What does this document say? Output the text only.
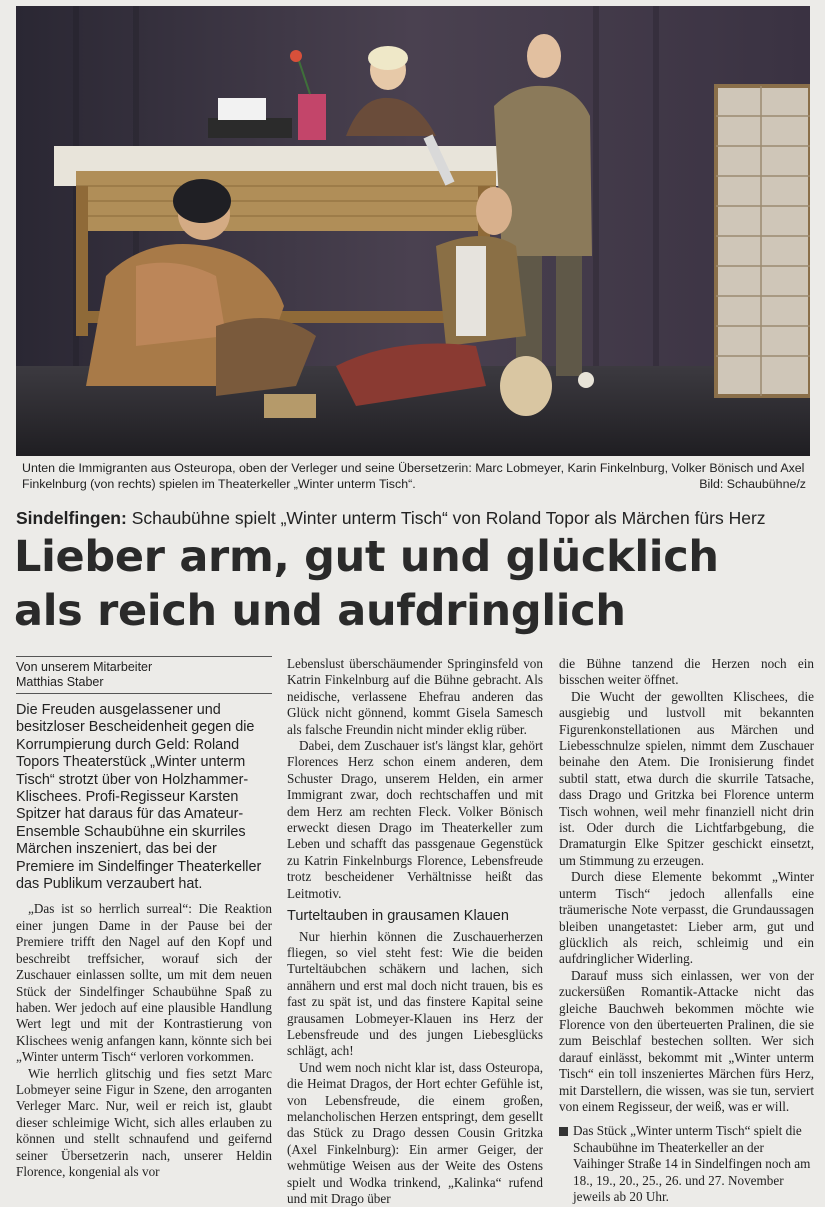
Unten die Immigranten aus Osteuropa, oben der Verleger und seine Übersetzerin: Marc Lobmeyer, Karin Finkelnburg, Volker Bönisch und Axel Finkelnburg (von rechts) spielen im Theaterkeller „Winter unterm Tisch“.	Bild: Schaubühne/z
Sindelfingen: Schaubühne spielt „Winter unterm Tisch“ von Roland Topor als Märchen fürs Herz
Lieber arm, gut und glücklich
als reich und aufdringlich
Von unserem Mitarbeiter
Matthias Staber
Die Freuden ausgelassener und besitzloser Bescheidenheit gegen die Korrumpierung durch Geld: Roland Topors Theaterstück „Winter unterm Tisch“ strotzt über von Holzhammer-Klischees. Profi-Regisseur Karsten Spitzer hat daraus für das Amateur-Ensemble Schaubühne ein skurriles Märchen inszeniert, das bei der Premiere im Sindelfinger Theaterkeller das Publikum verzaubert hat.

„Das ist so herrlich surreal“: Die Reaktion einer jungen Dame in der Pause bei der Premiere trifft den Nagel auf den Kopf und beschreibt treffsicher, worauf sich der Zuschauer einlassen sollte, um mit dem neuen Stück der Sindelfinger Schaubühne Spaß zu haben. Wer jedoch auf eine plausible Handlung Wert legt und mit der Kontrastierung von Klischees wenig anfangen kann, könnte sich bei „Winter unterm Tisch“ verloren vorkommen.

Wie herrlich glitschig und fies setzt Marc Lobmeyer seine Figur in Szene, den arroganten Verleger Marc. Nur, weil er reich ist, glaubt dieser schleimige Wicht, sich alles erlauben zu können und stellt schnaufend und geifernd seiner Übersetzerin nach, unserer Heldin Florence, kongenial als vor

Lebenslust überschäumender Springinsfeld von Katrin Finkelnburg auf die Bühne gebracht. Als neidische, verlassene Ehefrau anderen das Glück nicht gönnend, kommt Gisela Samesch als falsche Freundin nicht minder eklig rüber.

Dabei, dem Zuschauer ist's längst klar, gehört Florences Herz schon einem anderen, dem Schuster Drago, unserem Helden, ein armer Immigrant zwar, doch rechtschaffen und mit dem Herz am rechten Fleck. Volker Bönisch erweckt diesen Drago im Theaterkeller zum Leben und schafft das passgenaue Gegenstück zu Katrin Finkelnburgs Florence, Lebensfreude trotz bescheidener Verhältnisse heißt das Leitmotiv.

Turteltauben in grausamen Klauen

Nur hierhin können die Zuschauerherzen fliegen, so viel steht fest: Wie die beiden Turteltäubchen schäkern und lachen, sich annähern und erst mal doch nicht trauen, bis es fast zu spät ist, und das finstere Kapital seine grausamen Lobmeyer-Klauen ins Herz der Lebensfreude und des jungen Liebesglücks schlägt, ach!

Und wem noch nicht klar ist, dass Osteuropa, die Heimat Dragos, der Hort echter Gefühle ist, von Lebensfreude, die einem großen, melancholischen Herzen entspringt, dem gesellt das Stück zu Drago dessen Cousin Gritzka (Axel Finkelnburg): Ein armer Geiger, der wehmütige Weisen aus der Weite des Ostens spielt und Wodka trinkend, „Kalinka“ rufend und mit Drago über

die Bühne tanzend die Herzen noch ein bisschen weiter öffnet.

Die Wucht der gewollten Klischees, die ausgiebig und lustvoll mit bekannten Figurenkonstellationen aus Märchen und Liebesschnulze spielen, nimmt dem Zuschauer beinahe den Atem. Die Ironisierung findet subtil statt, etwa durch die skurrile Tatsache, dass Drago und Gritzka bei Florence unterm Tisch wohnen, weil mehr finanziell nicht drin ist. Oder durch die Lichtfarbgebung, die Dramaturgin Elke Spitzer geschickt einsetzt, um Stimmung zu erzeugen.

Durch diese Elemente bekommt „Winter unterm Tisch“ jedoch allenfalls eine träumerische Note verpasst, die Grundaussagen bleiben unangetastet: Lieber arm, gut und glücklich als reich, schleimig und ein aufdringlicher Widerling.

Darauf muss sich einlassen, wer von der zuckersüßen Romantik-Attacke nicht das gleiche Bauchweh bekommen möchte wie Florence von den überteuerten Pralinen, die sie zum Beischlaf bestechen sollten. Wer sich darauf einlässt, bekommt mit „Winter unterm Tisch“ ein toll inszeniertes Märchen fürs Herz, mit Darstellern, die wissen, was sie tun, serviert von einem Regisseur, der weiß, was er will.

Das Stück „Winter unterm Tisch“ spielt die Schaubühne im Theaterkeller an der Vaihinger Straße 14 in Sindelfingen noch am 18., 19., 20., 25., 26. und 27. November jeweils ab 20 Uhr.
